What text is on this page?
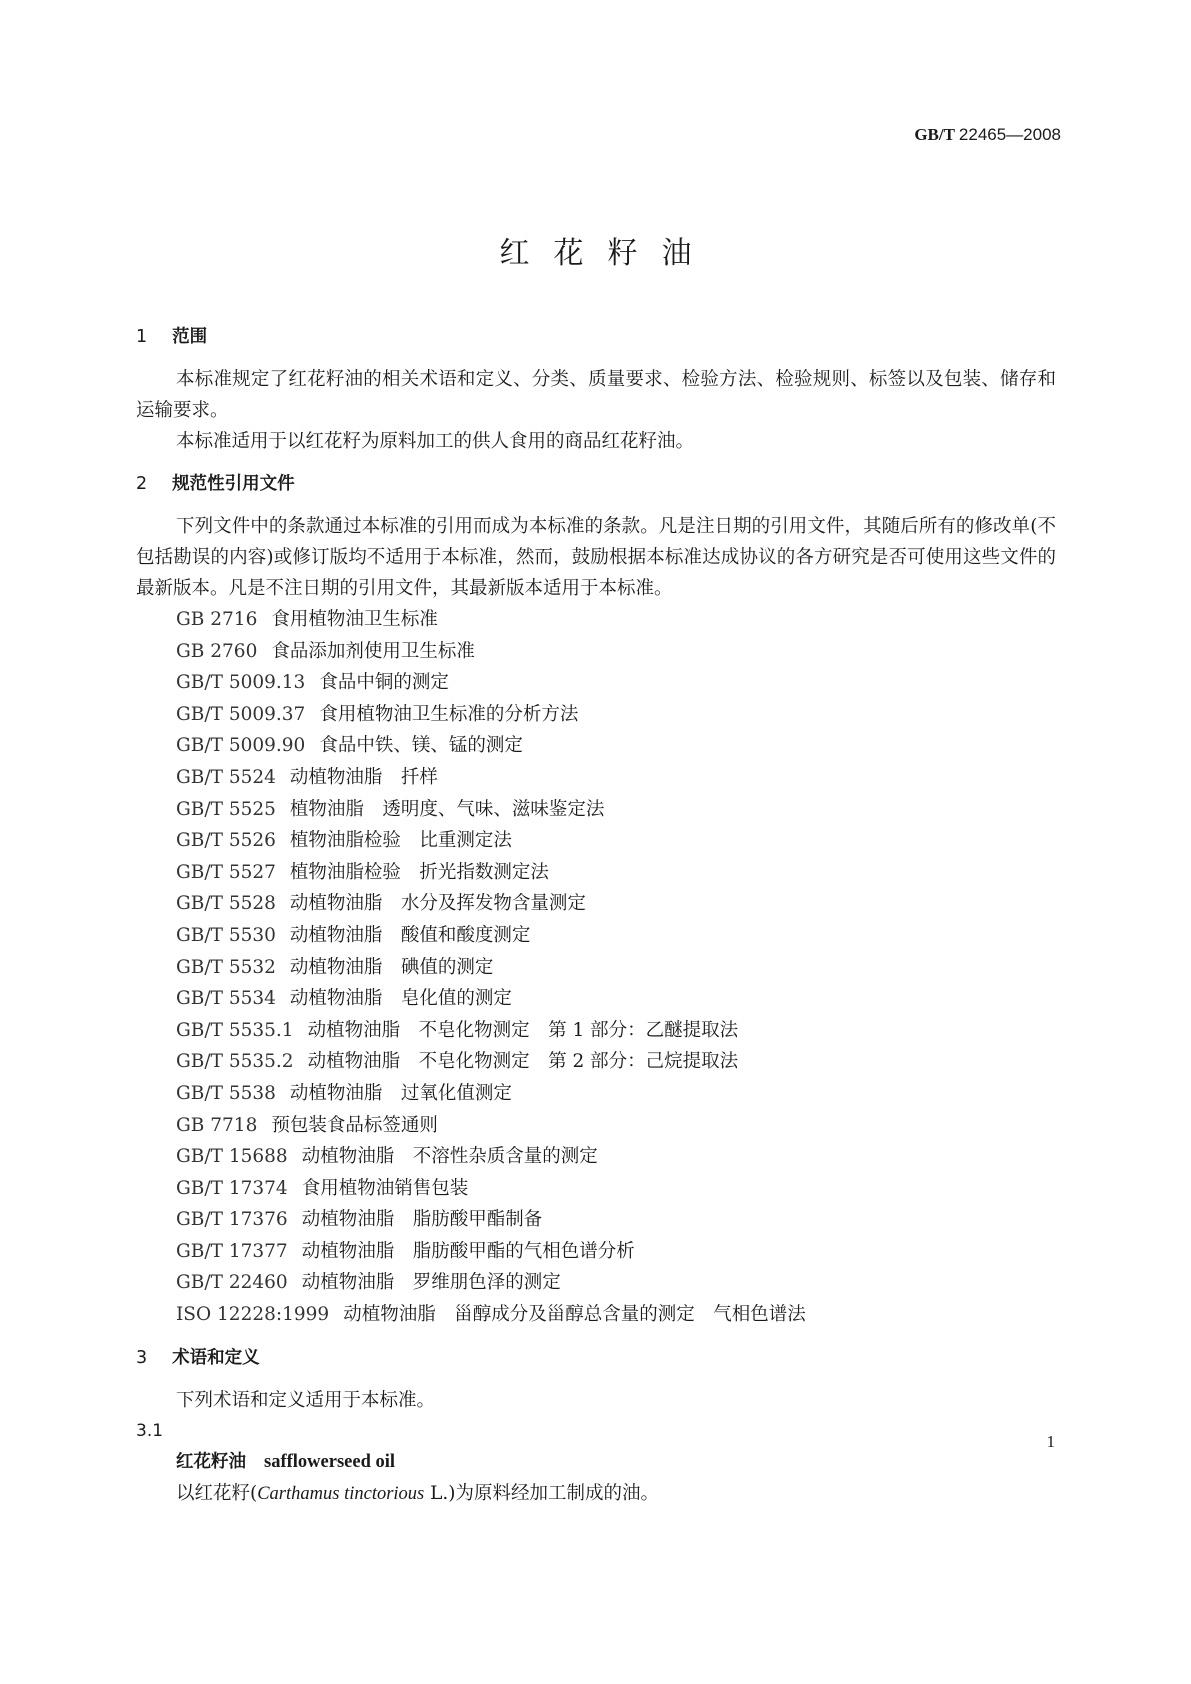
GB/T 22465—2008
红花籽油
1 范围

本标准规定了红花籽油的相关术语和定义、分类、质量要求、检验方法、检验规则、标签以及包装、储存和运输要求。

本标准适用于以红花籽为原料加工的供人食用的商品红花籽油。

2 规范性引用文件

下列文件中的条款通过本标准的引用而成为本标准的条款。凡是注日期的引用文件，其随后所有的修改单(不包括勘误的内容)或修订版均不适用于本标准，然而，鼓励根据本标准达成协议的各方研究是否可使用这些文件的最新版本。凡是不注日期的引用文件，其最新版本适用于本标准。

GB 2716 食用植物油卫生标准
GB 2760 食品添加剂使用卫生标准
GB/T 5009.13 食品中铜的测定
GB/T 5009.37 食用植物油卫生标准的分析方法
GB/T 5009.90 食品中铁、镁、锰的测定
GB/T 5524 动植物油脂　扦样
GB/T 5525 植物油脂　透明度、气味、滋味鉴定法
GB/T 5526 植物油脂检验　比重测定法
GB/T 5527 植物油脂检验　折光指数测定法
GB/T 5528 动植物油脂　水分及挥发物含量测定
GB/T 5530 动植物油脂　酸值和酸度测定
GB/T 5532 动植物油脂　碘值的测定
GB/T 5534 动植物油脂　皂化值的测定
GB/T 5535.1 动植物油脂　不皂化物测定　第 1 部分：乙醚提取法
GB/T 5535.2 动植物油脂　不皂化物测定　第 2 部分：己烷提取法
GB/T 5538 动植物油脂　过氧化值测定
GB 7718 预包装食品标签通则
GB/T 15688 动植物油脂　不溶性杂质含量的测定
GB/T 17374 食用植物油销售包装
GB/T 17376 动植物油脂　脂肪酸甲酯制备
GB/T 17377 动植物油脂　脂肪酸甲酯的气相色谱分析
GB/T 22460 动植物油脂　罗维朋色泽的测定
ISO 12228:1999 动植物油脂　甾醇成分及甾醇总含量的测定　气相色谱法
3 术语和定义

下列术语和定义适用于本标准。

3.1

红花籽油 safflowerseed oil

以红花籽(Carthamus tinctorious L.)为原料经加工制成的油。

1
